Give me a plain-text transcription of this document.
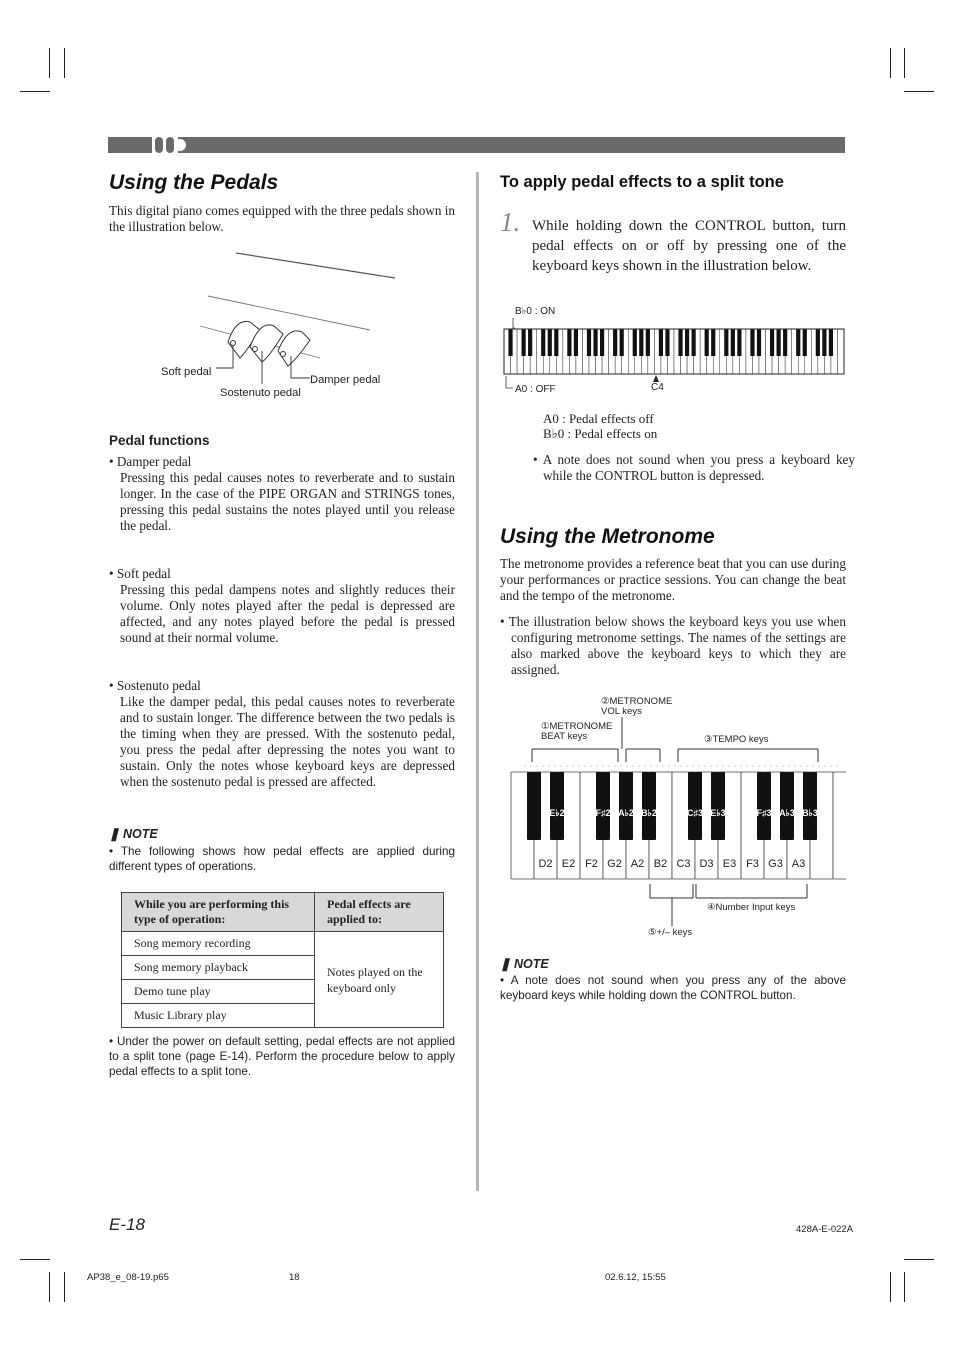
Using the Pedals
This digital piano comes equipped with the three pedals shown in the illustration below.
Soft pedal
Sostenuto pedal
Damper pedal
Pedal functions
• Damper pedal
Pressing this pedal causes notes to reverberate and to sustain longer. In the case of the PIPE ORGAN and STRINGS tones, pressing this pedal sustains the notes played until you release the pedal.
• Soft pedal
Pressing this pedal dampens notes and slightly reduces their volume. Only notes played after the pedal is depressed are affected, and any notes played before the pedal is pressed sound at their normal volume.
• Sostenuto pedal
Like the damper pedal, this pedal causes notes to reverberate and to sustain longer. The difference between the two pedals is the timing when they are pressed. With the sostenuto pedal, you press the pedal after depressing the notes you want to sustain. Only the notes whose keyboard keys are depressed when the sostenuto pedal is pressed are affected.
❚ NOTE
• The following shows how pedal effects are applied during different types of operations.
While you are performing this type of operation:	Pedal effects are applied to:
Song memory recording	Notes played on the keyboard only
Song memory playback	
Demo tune play	
Music Library play	
• Under the power on default setting, pedal effects are not applied to a split tone (page E-14). Perform the procedure below to apply pedal effects to a split tone.
To apply pedal effects to a split tone
1. While holding down the CONTROL button, turn pedal effects on or off by pressing one of the keyboard keys shown in the illustration below.
B♭0 : ON
A0 : OFF	C4
A0 : Pedal effects off
B♭0 : Pedal effects on
• A note does not sound when you press a keyboard key while the CONTROL button is depressed.
Using the Metronome
The metronome provides a reference beat that you can use during your performances or practice sessions. You can change the beat and the tempo of the metronome.
• The illustration below shows the keyboard keys you use when configuring metronome settings. The names of the settings are also marked above the keyboard keys to which they are assigned.
②METRONOME
VOL keys
①METRONOME
BEAT keys	③TEMPO keys
D2 E2 F2 G2 A2 B2 C3 D3 E3 F3 G3 A3
E♭2	F♯2 A♭2 B♭2	C♯3 E♭3	F♯3 A♭3 B♭3
④Number Input keys
⑤+/– keys
❚ NOTE
• A note does not sound when you press any of the above keyboard keys while holding down the CONTROL button.
E-18	428A-E-022A
AP38_e_08-19.p65	18	02.6.12, 15:55
